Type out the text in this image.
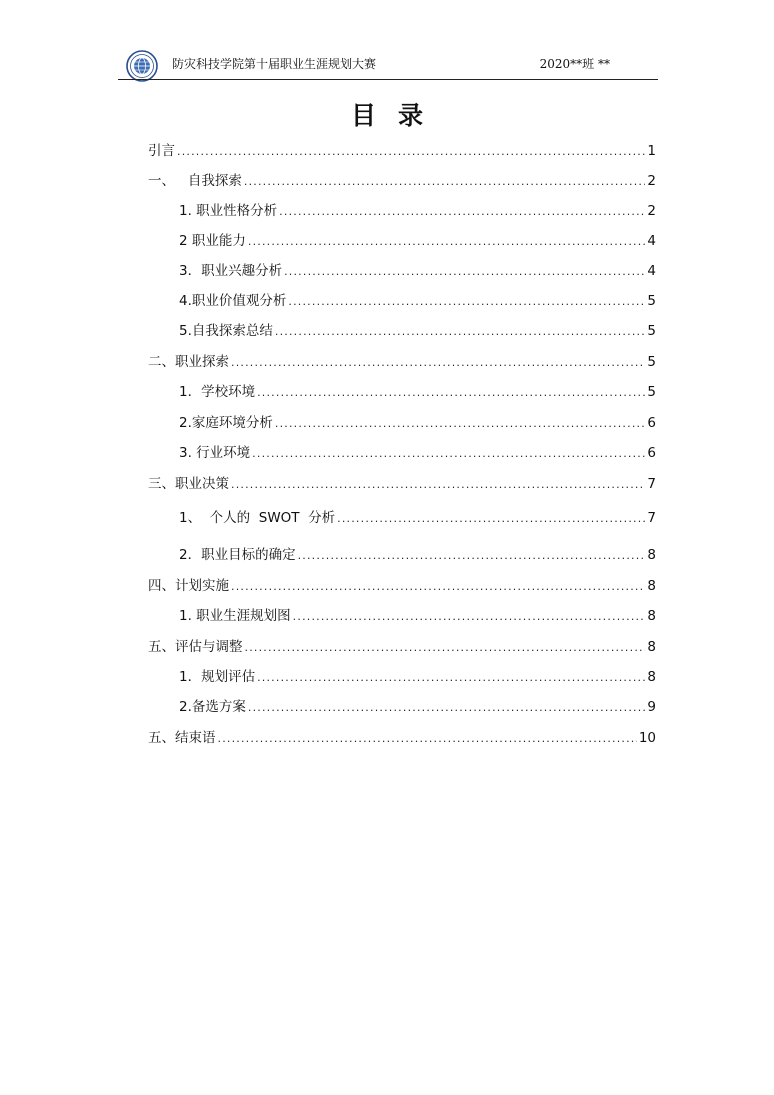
防灾科技学院第十届职业生涯规划大赛	2020**班 **
目录
引言 .....	1
一、   自我探索 .....	2
1. 职业性格分析 .....	2
2 职业能力 .....	4
3．职业兴趣分析 .....	4
4.职业价值观分析 .....	5
5.自我探索总结 .....	5
二、职业探索 .....	5
1．学校环境 .....	5
2.家庭环境分析 .....	6
3. 行业环境 .....	6
三、职业决策 .....	7
1、  个人的  SWOT  分析 .....	7
2．职业目标的确定 .....	8
四、计划实施 .....	8
1. 职业生涯规划图 .....	8
五、评估与调整 .....	8
1．规划评估 .....	8
2.备选方案 .....	9
五、结束语 .....	10
